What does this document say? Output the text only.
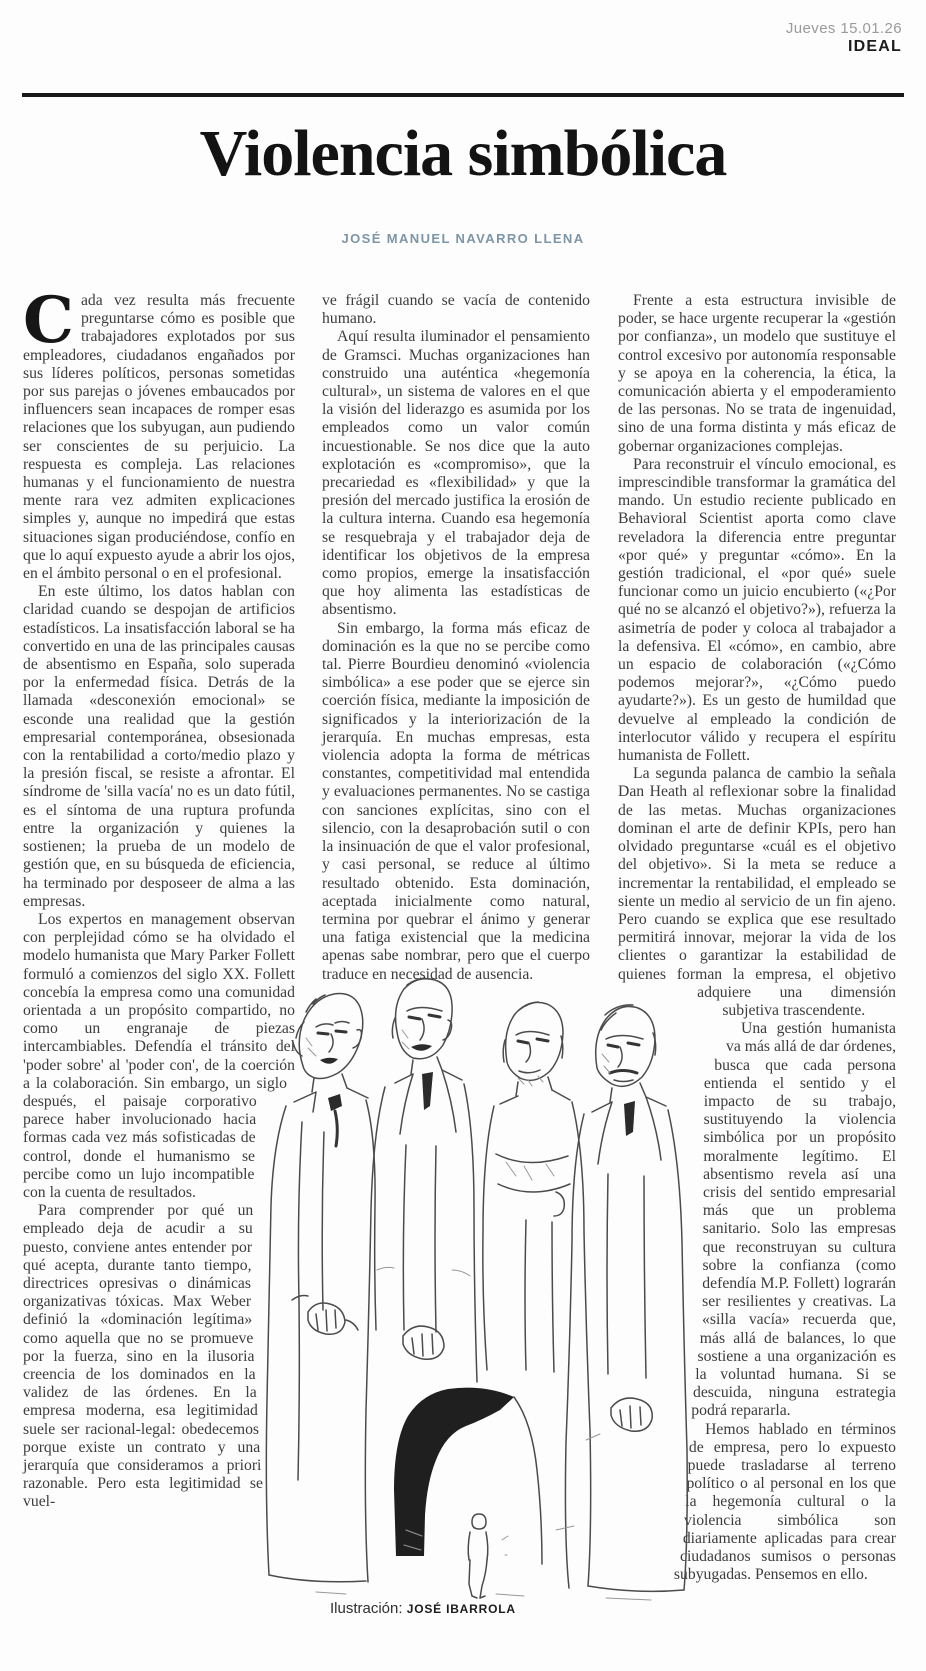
Jueves 15.01.26
IDEAL
Violencia simbólica
JOSÉ MANUEL NAVARRO LLENA

Cada vez resulta más frecuente preguntarse cómo es posible que trabajadores explotados por sus empleadores, ciudadanos engañados por sus líderes políticos, personas sometidas por sus parejas o jóvenes embaucados por influencers sean incapaces de romper esas relaciones que los subyugan, aun pudiendo ser conscientes de su perjuicio. La respuesta es compleja. Las relaciones humanas y el funcionamiento de nuestra mente rara vez admiten explicaciones simples y, aunque no impedirá que estas situaciones sigan produciéndose, confío en que lo aquí expuesto ayude a abrir los ojos, en el ámbito personal o en el profesional.

En este último, los datos hablan con claridad cuando se despojan de artificios estadísticos. La insatisfacción laboral se ha convertido en una de las principales causas de absentismo en España, solo superada por la enfermedad física. Detrás de la llamada «desconexión emocional» se esconde una realidad que la gestión empresarial contemporánea, obsesionada con la rentabilidad a corto/medio plazo y la presión fiscal, se resiste a afrontar. El síndrome de 'silla vacía' no es un dato fútil, es el síntoma de una ruptura profunda entre la organización y quienes la sostienen; la prueba de un modelo de gestión que, en su búsqueda de eficiencia, ha terminado por desposeer de alma a las empresas.

Los expertos en management observan con perplejidad cómo se ha olvidado el modelo humanista que Mary Parker Follett formuló a comienzos del siglo XX. Follett concebía la empresa como una comunidad orientada a un propósito compartido, no como un engranaje de piezas intercambiables. Defendía el tránsito del 'poder sobre' al 'poder con', de la coerción a la colaboración. Sin embargo, un siglo después, el paisaje corporativo parece haber involucionado hacia formas cada vez más sofisticadas de control, donde el humanismo se percibe como un lujo incompatible con la cuenta de resultados.

Para comprender por qué un empleado deja de acudir a su puesto, conviene antes entender por qué acepta, durante tanto tiempo, directrices opresivas o dinámicas organizativas tóxicas. Max Weber definió la «dominación legítima» como aquella que no se promueve por la fuerza, sino en la ilusoria creencia de los dominados en la validez de las órdenes. En la empresa moderna, esa legitimidad suele ser racional-legal: obedecemos porque existe un contrato y una jerarquía que consideramos a priori razonable. Pero esta legitimidad se vuel-

ve frágil cuando se vacía de contenido humano.

Aquí resulta iluminador el pensamiento de Gramsci. Muchas organizaciones han construido una auténtica «hegemonía cultural», un sistema de valores en el que la visión del liderazgo es asumida por los empleados como un valor común incuestionable. Se nos dice que la auto explotación es «compromiso», que la precariedad es «flexibilidad» y que la presión del mercado justifica la erosión de la cultura interna. Cuando esa hegemonía se resquebraja y el trabajador deja de identificar los objetivos de la empresa como propios, emerge la insatisfacción que hoy alimenta las estadísticas de absentismo.

Sin embargo, la forma más eficaz de dominación es la que no se percibe como tal. Pierre Bourdieu denominó «violencia simbólica» a ese poder que se ejerce sin coerción física, mediante la imposición de significados y la interiorización de la jerarquía. En muchas empresas, esta violencia adopta la forma de métricas constantes, competitividad mal entendida y evaluaciones permanentes. No se castiga con sanciones explícitas, sino con el silencio, con la desaprobación sutil o con la insinuación de que el valor profesional, y casi personal, se reduce al último resultado obtenido. Esta dominación, aceptada inicialmente como natural, termina por quebrar el ánimo y generar una fatiga existencial que la medicina apenas sabe nombrar, pero que el cuerpo traduce en necesidad de ausencia.

Frente a esta estructura invisible de poder, se hace urgente recuperar la «gestión por confianza», un modelo que sustituye el control excesivo por autonomía responsable y se apoya en la coherencia, la ética, la comunicación abierta y el empoderamiento de las personas. No se trata de ingenuidad, sino de una forma distinta y más eficaz de gobernar organizaciones complejas.

Para reconstruir el vínculo emocional, es imprescindible transformar la gramática del mando. Un estudio reciente publicado en Behavioral Scientist aporta como clave reveladora la diferencia entre preguntar «por qué» y preguntar «cómo». En la gestión tradicional, el «por qué» suele funcionar como un juicio encubierto («¿Por qué no se alcanzó el objetivo?»), refuerza la asimetría de poder y coloca al trabajador a la defensiva. El «cómo», en cambio, abre un espacio de colaboración («¿Cómo podemos mejorar?», «¿Cómo puedo ayudarte?»). Es un gesto de humildad que devuelve al empleado la condición de interlocutor válido y recupera el espíritu humanista de Follett.

La segunda palanca de cambio la señala Dan Heath al reflexionar sobre la finalidad de las metas. Muchas organizaciones dominan el arte de definir KPIs, pero han olvidado preguntarse «cuál es el objetivo del objetivo». Si la meta se reduce a incrementar la rentabilidad, el empleado se siente un medio al servicio de un fin ajeno. Pero cuando se explica que ese resultado permitirá innovar, mejorar la vida de los clientes o garantizar la estabilidad de quienes forman la empresa, el objetivo adquiere una dimensión subjetiva trascendente.

Una gestión humanista va más allá de dar órdenes, busca que cada persona entienda el sentido y el impacto de su trabajo, sustituyendo la violencia simbólica por un propósito moralmente legítimo. El absentismo revela así una crisis del sentido empresarial más que un problema sanitario. Solo las empresas que reconstruyan su cultura sobre la confianza (como defendía M.P. Follett) lograrán ser resilientes y creativas. La «silla vacía» recuerda que, más allá de balances, lo que sostiene a una organización es la voluntad humana. Si se descuida, ninguna estrategia podrá repararla.

Hemos hablado en términos de empresa, pero lo expuesto puede trasladarse al terreno político o al personal en los que la hegemonía cultural o la violencia simbólica son diariamente aplicadas para crear ciudadanos sumisos o personas subyugadas. Pensemos en ello.

Ilustración: JOSÉ IBARROLA
